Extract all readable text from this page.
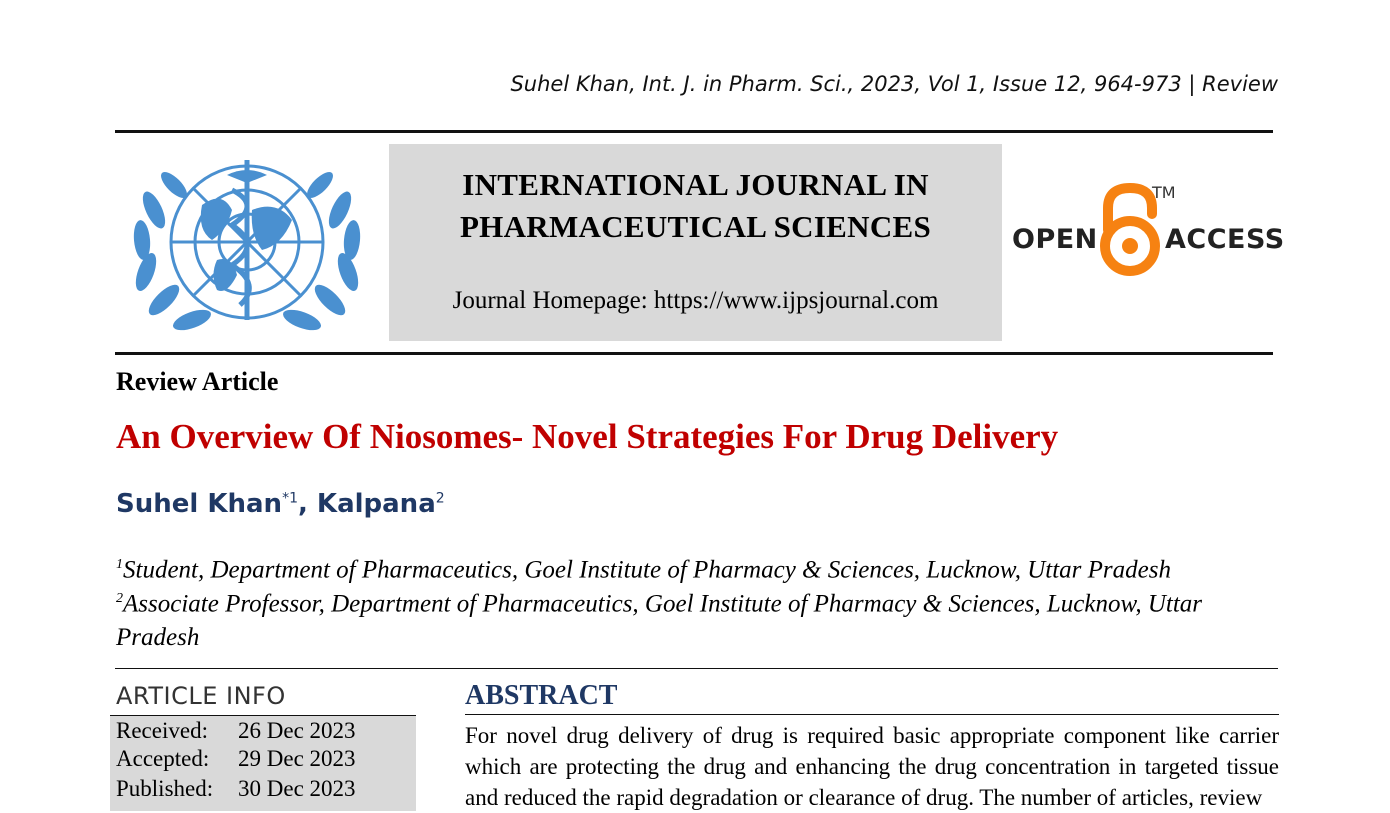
Suhel Khan, Int. J. in Pharm. Sci., 2023, Vol 1, Issue 12, 964-973 | Review
INTERNATIONAL JOURNAL IN
PHARMACEUTICAL SCIENCES
Journal Homepage: https://www.ijpsjournal.com
OPEN
TM
ACCESS
Review Article
An Overview Of Niosomes- Novel Strategies For Drug Delivery
Suhel Khan$^{*1}$, Kalpana$^2$
$^1$Student, Department of Pharmaceutics, Goel Institute of Pharmacy & Sciences, Lucknow, Uttar Pradesh
$^2$Associate Professor, Department of Pharmaceutics, Goel Institute of Pharmacy & Sciences, Lucknow, Uttar Pradesh
ARTICLE INFO
Received: 26 Dec 2023
Accepted: 29 Dec 2023
Published: 30 Dec 2023
ABSTRACT
For novel drug delivery of drug is required basic appropriate component like carrier which are protecting the drug and enhancing the drug concentration in targeted tissue and reduced the rapid degradation or clearance of drug. The number of articles, review
